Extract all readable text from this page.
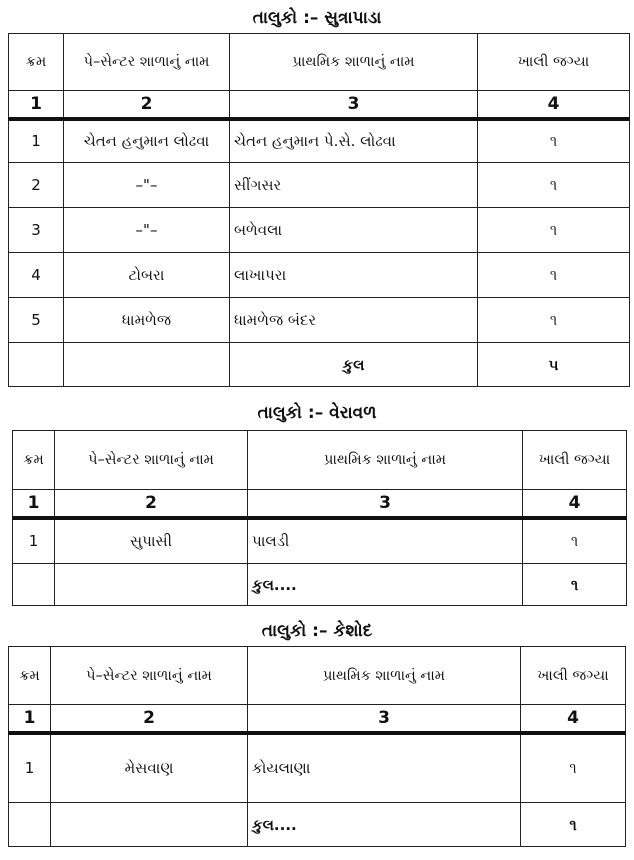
તાલુકો :– સુત્રાપાડા
ક્રમ	પે–સેન્ટર શાળાનું નામ	પ્રાથમિક શાળાનું નામ	ખાલી જગ્યા
1	2	3	4
1	ચેતન હનુમાન લોઢવા	ચેતન હનુમાન પે.સે. લોઢવા	૧
2	–"–	સીંગસર	૧
3	–"–	બળેવલા	૧
4	ટોબરા	લાખાપરા	૧
5	ધામળેજ	ધામળેજ બંદર	૧
		કુલ	૫
તાલુકો :– વેરાવળ
ક્રમ	પે–સેન્ટર શાળાનું નામ	પ્રાથમિક શાળાનું નામ	ખાલી જગ્યા
1	2	3	4
1	સુપાસી	પાલડી	૧
		કુલ....	૧
તાલુકો :– કેશોદ
ક્રમ	પે–સેન્ટર શાળાનું નામ	પ્રાથમિક શાળાનું નામ	ખાલી જગ્યા
1	2	3	4
1	મેસવાણ	કોયલાણા	૧
		કુલ....	૧
